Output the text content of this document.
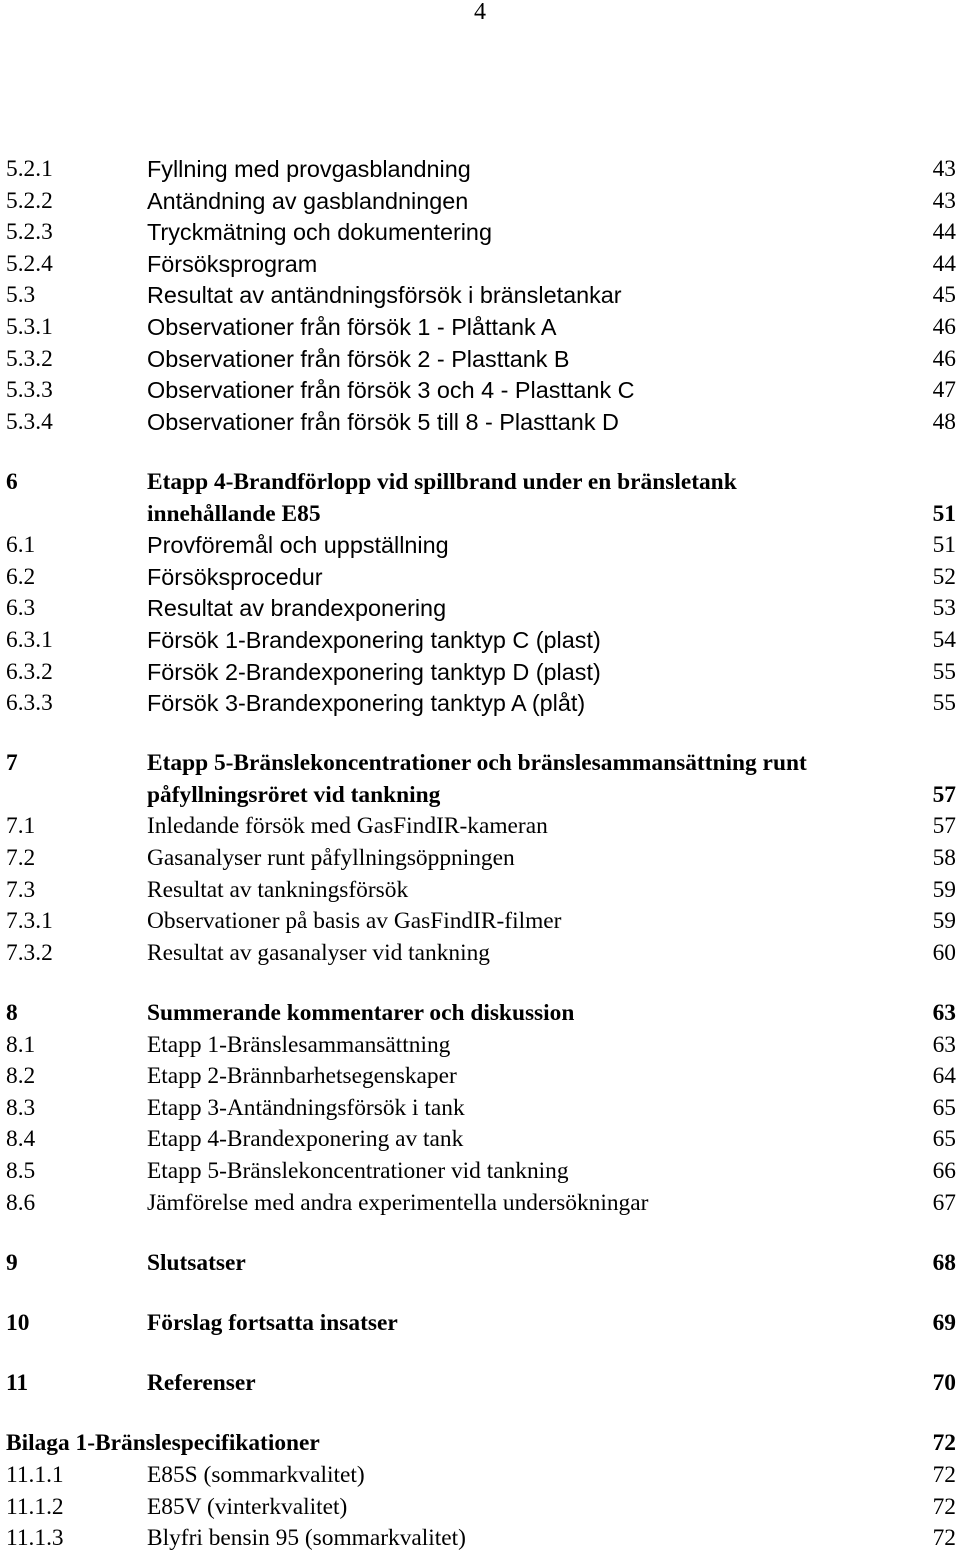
4
5.2.1	Fyllning med provgasblandning	43
5.2.2	Antändning av gasblandningen	43
5.2.3	Tryckmätning och dokumentering	44
5.2.4	Försöksprogram	44
5.3	Resultat av antändningsförsök i bränsletankar	45
5.3.1	Observationer från försök 1 - Plåttank A	46
5.3.2	Observationer från försök 2 - Plasttank B	46
5.3.3	Observationer från försök 3 och 4 - Plasttank C	47
5.3.4	Observationer från försök 5 till 8 - Plasttank D	48
6	Etapp 4-Brandförlopp vid spillbrand under en bränsletank
innehållande E85	51
6.1	Provföremål och uppställning	51
6.2	Försöksprocedur	52
6.3	Resultat av brandexponering	53
6.3.1	Försök 1-Brandexponering tanktyp C (plast)	54
6.3.2	Försök 2-Brandexponering tanktyp D (plast)	55
6.3.3	Försök 3-Brandexponering tanktyp A (plåt)	55
7	Etapp 5-Bränslekoncentrationer och bränslesammansättning runt
påfyllningsröret vid tankning	57
7.1	Inledande försök med GasFindIR-kameran	57
7.2	Gasanalyser runt påfyllningsöppningen	58
7.3	Resultat av tankningsförsök	59
7.3.1	Observationer på basis av GasFindIR-filmer	59
7.3.2	Resultat av gasanalyser vid tankning	60
8	Summerande kommentarer och diskussion	63
8.1	Etapp 1-Bränslesammansättning	63
8.2	Etapp 2-Brännbarhetsegenskaper	64
8.3	Etapp 3-Antändningsförsök i tank	65
8.4	Etapp 4-Brandexponering av tank	65
8.5	Etapp 5-Bränslekoncentrationer vid tankning	66
8.6	Jämförelse med andra experimentella undersökningar	67
9	Slutsatser	68
10	Förslag fortsatta insatser	69
11	Referenser	70
Bilaga 1-Bränslespecifikationer	72
11.1.1	E85S (sommarkvalitet)	72
11.1.2	E85V (vinterkvalitet)	72
11.1.3	Blyfri bensin 95 (sommarkvalitet)	72
